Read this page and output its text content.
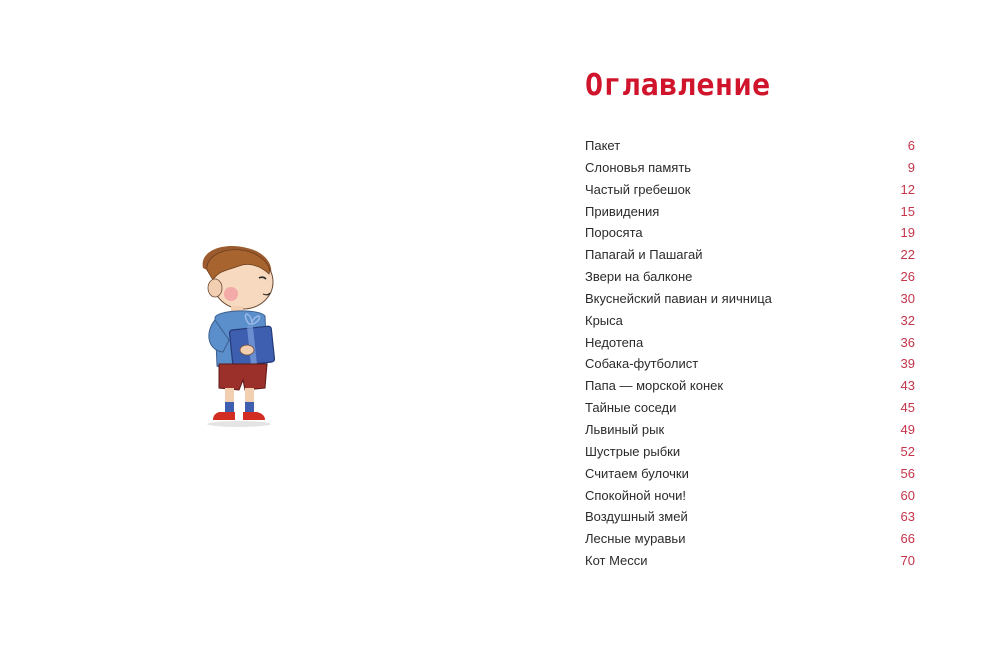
Оглавление
Пакет	6
Слоновья память	9
Частый гребешок	12
Привидения	15
Поросята	19
Папагай и Пашагай	22
Звери на балконе	26
Вкуснейский павиан и яичница	30
Крыса	32
Недотепа	36
Собака-футболист	39
Папа — морской конек	43
Тайные соседи	45
Львиный рык	49
Шустрые рыбки	52
Считаем булочки	56
Спокойной ночи!	60
Воздушный змей	63
Лесные муравьи	66
Кот Месси	70
